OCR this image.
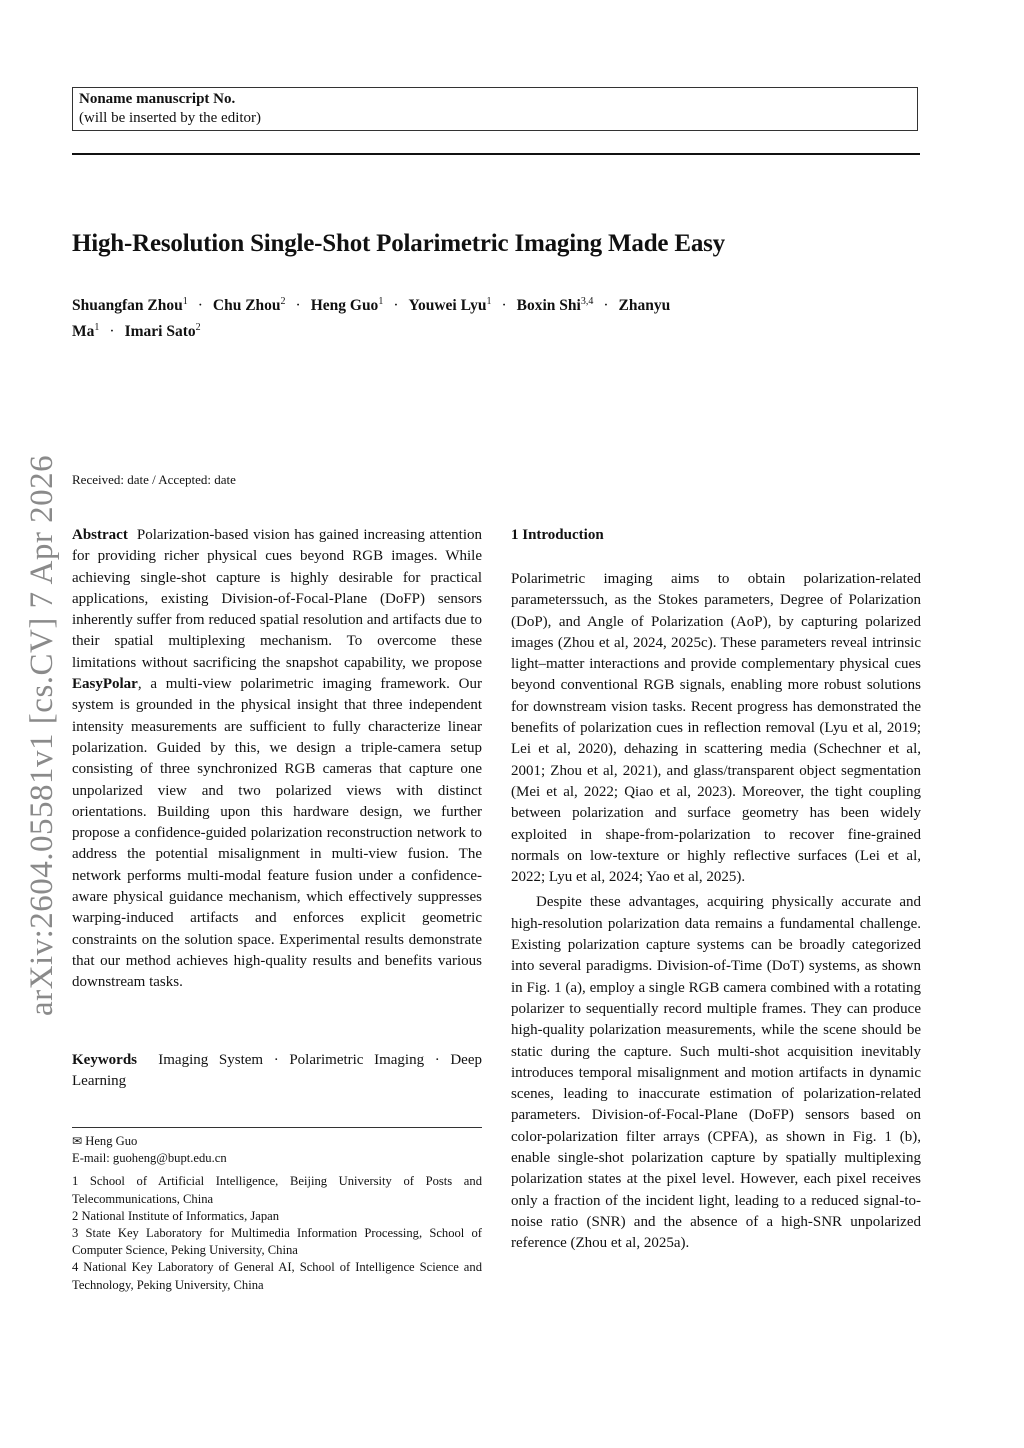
Noname manuscript No.
(will be inserted by the editor)
High-Resolution Single-Shot Polarimetric Imaging Made Easy
Shuangfan Zhou$^1$ · Chu Zhou$^2$ · Heng Guo$^1$ · Youwei Lyu$^1$ · Boxin Shi$^{3,4}$ · Zhanyu $Ma^1$ · Imari Sato$^2$
Received: date / Accepted: date
arXiv:2604.05581v1 [cs.CV] 7 Apr 2026 Abstract Polarization-based vision has gained increasing attention for providing richer physical cues beyond RGB images. While achieving single-shot capture is highly desirable for practical applications, existing Division-of-Focal-Plane (DoFP) sensors inherently suffer from reduced spatial resolution and artifacts due to their spatial multiplexing mechanism. To overcome these limitations without sacrificing the snapshot capability, we propose EasyPolar, a multi-view polarimetric imaging framework. Our system is grounded in the physical insight that three independent intensity measurements are sufficient to fully characterize linear polarization. Guided by this, we design a triple-camera setup consisting of three synchronized RGB cameras that capture one unpolarized view and two polarized views with distinct orientations. Building upon this hardware design, we further propose a confidence-guided polarization reconstruction network to address the potential misalignment in multi-view fusion. The network performs multi-modal feature fusion under a confidence-aware physical guidance mechanism, which effectively suppresses warping-induced artifacts and enforces explicit geometric constraints on the solution space. Experimental results demonstrate that our method achieves high-quality results and benefits various downstream tasks.
Keywords Imaging System · Polarimetric Imaging · Deep Learning
✉ Heng Guo
E-mail: guoheng@bupt.edu.cn

1 School of Artificial Intelligence, Beijing University of Posts and Telecommunications, China

2 National Institute of Informatics, Japan

3 State Key Laboratory for Multimedia Information Processing, School of Computer Science, Peking University, China

4 National Key Laboratory of General AI, School of Intelligence Science and Technology, Peking University, China

1 Introduction

Polarimetric imaging aims to obtain polarization-related parameterssuch, as the Stokes parameters, Degree of Polarization (DoP), and Angle of Polarization (AoP), by capturing polarized images (Zhou et al, 2024, 2025c). These parameters reveal intrinsic light–matter interactions and provide complementary physical cues beyond conventional RGB signals, enabling more robust solutions for downstream vision tasks. Recent progress has demonstrated the benefits of polarization cues in reflection removal (Lyu et al, 2019; Lei et al, 2020), dehazing in scattering media (Schechner et al, 2001; Zhou et al, 2021), and glass/transparent object segmentation (Mei et al, 2022; Qiao et al, 2023). Moreover, the tight coupling between polarization and surface geometry has been widely exploited in shape-from-polarization to recover fine-grained normals on low-texture or highly reflective surfaces (Lei et al, 2022; Lyu et al, 2024; Yao et al, 2025).

Despite these advantages, acquiring physically accurate and high-resolution polarization data remains a fundamental challenge. Existing polarization capture systems can be broadly categorized into several paradigms. Division-of-Time (DoT) systems, as shown in Fig. 1 (a), employ a single RGB camera combined with a rotating polarizer to sequentially record multiple frames. They can produce high-quality polarization measurements, while the scene should be static during the capture. Such multi-shot acquisition inevitably introduces temporal misalignment and motion artifacts in dynamic scenes, leading to inaccurate estimation of polarization-related parameters. Division-of-Focal-Plane (DoFP) sensors based on color-polarization filter arrays (CPFA), as shown in Fig. 1 (b), enable single-shot polarization capture by spatially multiplexing polarization states at the pixel level. However, each pixel receives only a fraction of the incident light, leading to a reduced signal-to-noise ratio (SNR) and the absence of a high-SNR unpolarized reference (Zhou et al, 2025a).
